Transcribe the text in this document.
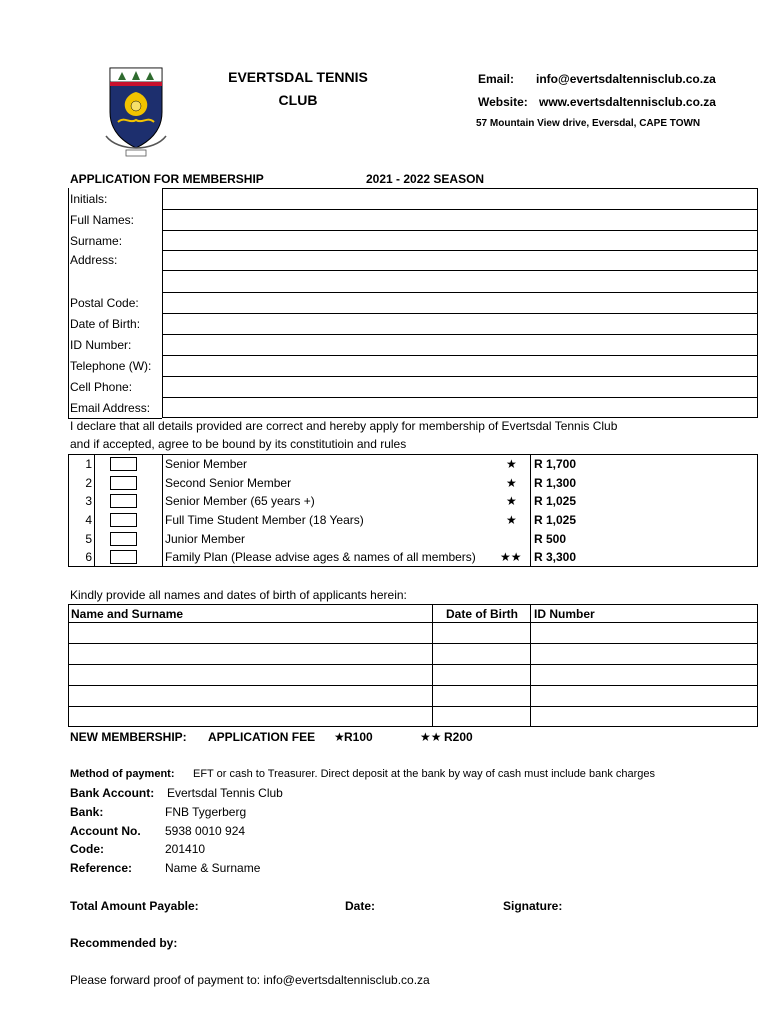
EVERTSDAL TENNIS
CLUB
Email: info@evertsdaltennisclub.co.za
Website: www.evertsdaltennisclub.co.za
57 Mountain View drive, Eversdal, CAPE TOWN
APPLICATION FOR MEMBERSHIP	2021 - 2022 SEASON
Initials:
Full Names:
Surname:
Address:
Postal Code:
Date of Birth:
ID Number:
Telephone (W):
Cell Phone:
Email Address:
I declare that all details provided are correct and hereby apply for membership of Evertsdal Tennis Club
and if accepted, agree to be bound by its constitutioin and rules
1	Senior Member	★ R 1,700
2	Second Senior Member	★ R 1,300
3	Senior Member (65 years +)	★ R 1,025
4	Full Time Student Member (18 Years)	★ R 1,025
5	Junior Member	R 500
6	Family Plan (Please advise ages & names of all members) ★★ R 3,300
Kindly provide all names and dates of birth of applicants herein:
Name and Surname	Date of Birth ID Number
NEW MEMBERSHIP: APPLICATION FEE ★ R100	★★ R200
Method of payment: EFT or cash to Treasurer. Direct deposit at the bank by way of cash must include bank charges
Bank Account: Evertsdal Tennis Club
Bank:	FNB Tygerberg
Account No. 5938 0010 924
Code:	201410
Reference:	Name & Surname
Total Amount Payable:	Date:	Signature:
Recommended by:
Please forward proof of payment to: info@evertsdaltennisclub.co.za
